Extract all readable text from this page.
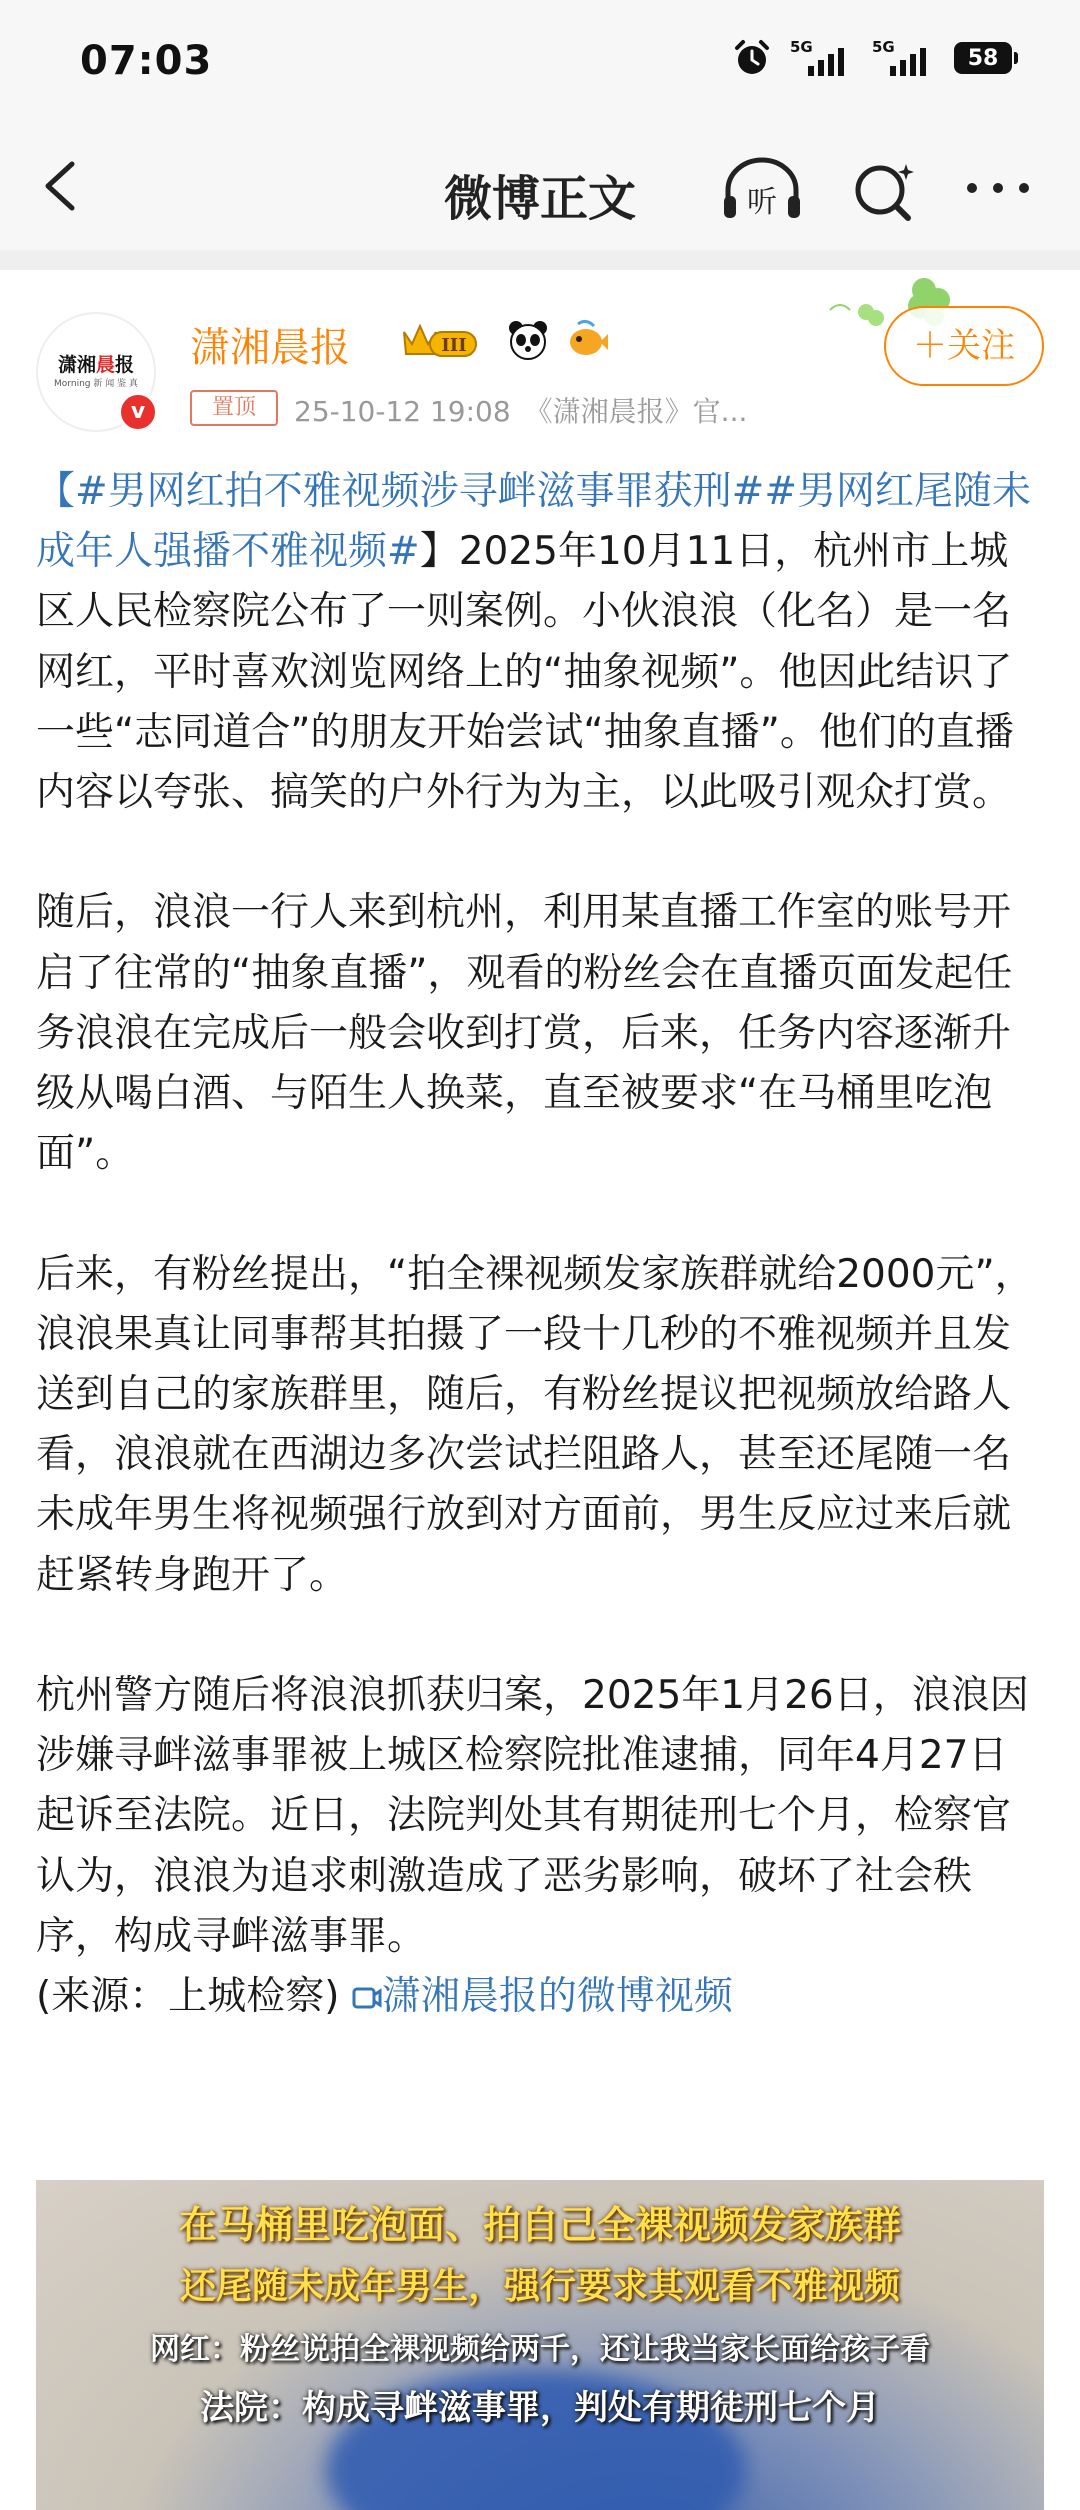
07:03	5G	5G	58
微博正文	听
潇湘晨报
Morning 新 闻 鉴 真
v
潇湘晨报	III
置顶	25-10-12 19:08　《潇湘晨报》官...
＋关注

【#男网红拍不雅视频涉寻衅滋事罪获刑##男网红尾随未成年人强播不雅视频#】2025年10月11日，杭州市上城区人民检察院公布了一则案例。小伙浪浪（化名）是一名网红，平时喜欢浏览网络上的“抽象视频”。他因此结识了一些“志同道合”的朋友开始尝试“抽象直播”。他们的直播内容以夸张、搞笑的户外行为为主，以此吸引观众打赏。

随后，浪浪一行人来到杭州，利用某直播工作室的账号开启了往常的“抽象直播”，观看的粉丝会在直播页面发起任务浪浪在完成后一般会收到打赏，后来，任务内容逐渐升级从喝白酒、与陌生人换菜，直至被要求“在马桶里吃泡面”。

后来，有粉丝提出，“拍全裸视频发家族群就给2000元”，浪浪果真让同事帮其拍摄了一段十几秒的不雅视频并且发送到自己的家族群里，随后，有粉丝提议把视频放给路人看，浪浪就在西湖边多次尝试拦阻路人，甚至还尾随一名未成年男生将视频强行放到对方面前，男生反应过来后就赶紧转身跑开了。

杭州警方随后将浪浪抓获归案，2025年1月26日，浪浪因涉嫌寻衅滋事罪被上城区检察院批准逮捕，同年4月27日起诉至法院。近日，法院判处其有期徒刑七个月，检察官认为，浪浪为追求刺激造成了恶劣影响，破坏了社会秩序，构成寻衅滋事罪。

(来源：上城检察) 潇湘晨报的微博视频

在马桶里吃泡面、拍自己全裸视频发家族群
还尾随未成年男生，强行要求其观看不雅视频
网红：粉丝说拍全裸视频给两千，还让我当家长面给孩子看
法院：构成寻衅滋事罪，判处有期徒刑七个月
